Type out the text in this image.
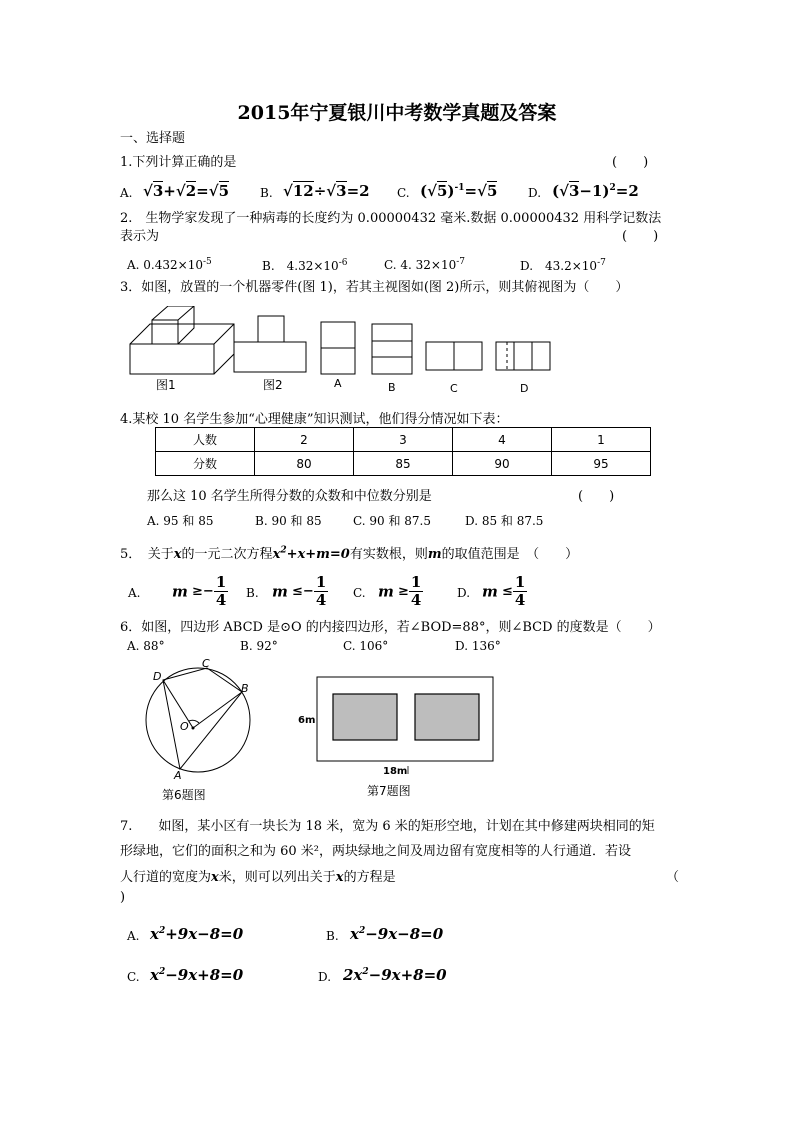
2015年宁夏银川中考数学真题及答案
一、选择题
1.下列计算正确的是	(　　)
A. √3+√2=√5	B. √12÷√3=2 C. $(√5)^{-1}=√5$	D. $(√3-1)^2=2$
2.　生物学家发现了一种病毒的长度约为 0.00000432 毫米.数据 0.00000432 用科学记数法
表示为	(　　)
A. $0.432\times 10^{-5}$	B.　$4.32\times 10^{-6}$	C. 4. $32\times 10^{-7}$	D.　$43.2\times 10^{-7}$
3．如图，放置的一个机器零件(图 1)，若其主视图如(图 2)所示，则其俯视图为（　　）
图1	图2	A	B	C	D
4.某校 10 名学生参加“心理健康”知识测试，他们得分情况如下表：
人数	2	3	4	1
分数	80	85	90	95
那么这 10 名学生所得分数的众数和中位数分别是	(　　)
A. 95 和 85	B. 90 和 85	C. 90 和 87.5	D. 85 和 87.5
5．　关于x的一元二次方程$x^2+x+m=0$有实数根，则m的取值范围是　（　　）
A. $m \ge- \frac{1}{4} B$. $m \le- \frac{1}{4} C$. $m \ge \frac{1}{4}$	D. $m \le \frac{1}{4}$
6．如图，四边形 ABCD 是⊙O 的内接四边形，若∠BOD=88°，则∠BCD 的度数是（　　）
A. 88°	B. 92°	C. 106°	D. 136°
D
C
B
O
A
第6题图
6m
18m
第7题图
7.　　如图，某小区有一块长为 18 米，宽为 6 米的矩形空地，计划在其中修建两块相同的矩
形绿地，它们的面积之和为 60 米²，两块绿地之间及周边留有宽度相等的人行通道．若设
人行道的宽度为x米，则可以列出关于x的方程是	（
)
A. $x^2+9x-8=0$	B. $x^2-9x-8=0$
C. $x^2-9x+8=0$	D. $2x^2-9x+8=0$
